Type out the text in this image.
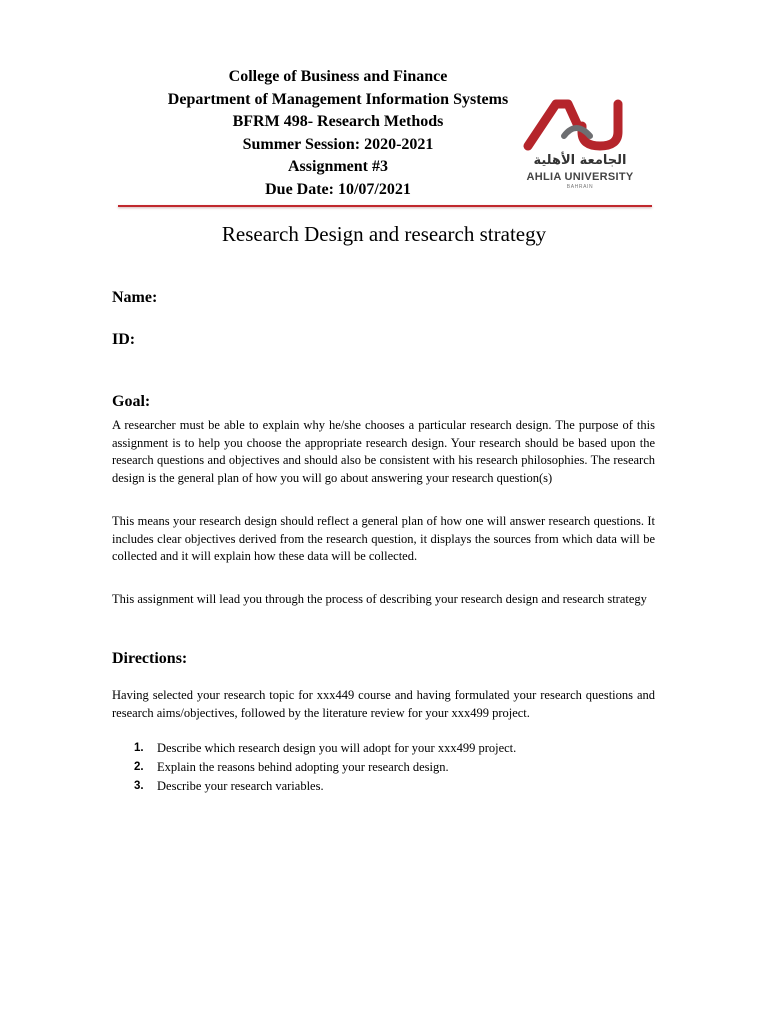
College of Business and Finance
Department of Management Information Systems
BFRM 498- Research Methods
Summer Session: 2020-2021
Assignment #3
Due Date: 10/07/2021
الجامعة الأهلية
AHLIA UNIVERSITY
BAHRAIN
Research Design and research strategy
Name:
ID:
Goal:
A researcher must be able to explain why he/she chooses a particular research design. The purpose of this assignment is to help you choose the appropriate research design. Your research should be based upon the research questions and objectives and should also be consistent with his research philosophies. The research design is the general plan of how you will go about answering your research question(s)
This means your research design should reflect a general plan of how one will answer research questions. It includes clear objectives derived from the research question, it displays the sources from which data will be collected and it will explain how these data will be collected.
This assignment will lead you through the process of describing your research design and research strategy
Directions:
Having selected your research topic for xxx449 course and having formulated your research questions and research aims/objectives, followed by the literature review for your xxx499 project.
1. Describe which research design you will adopt for your xxx499 project.
2. Explain the reasons behind adopting your research design.
3. Describe your research variables.
